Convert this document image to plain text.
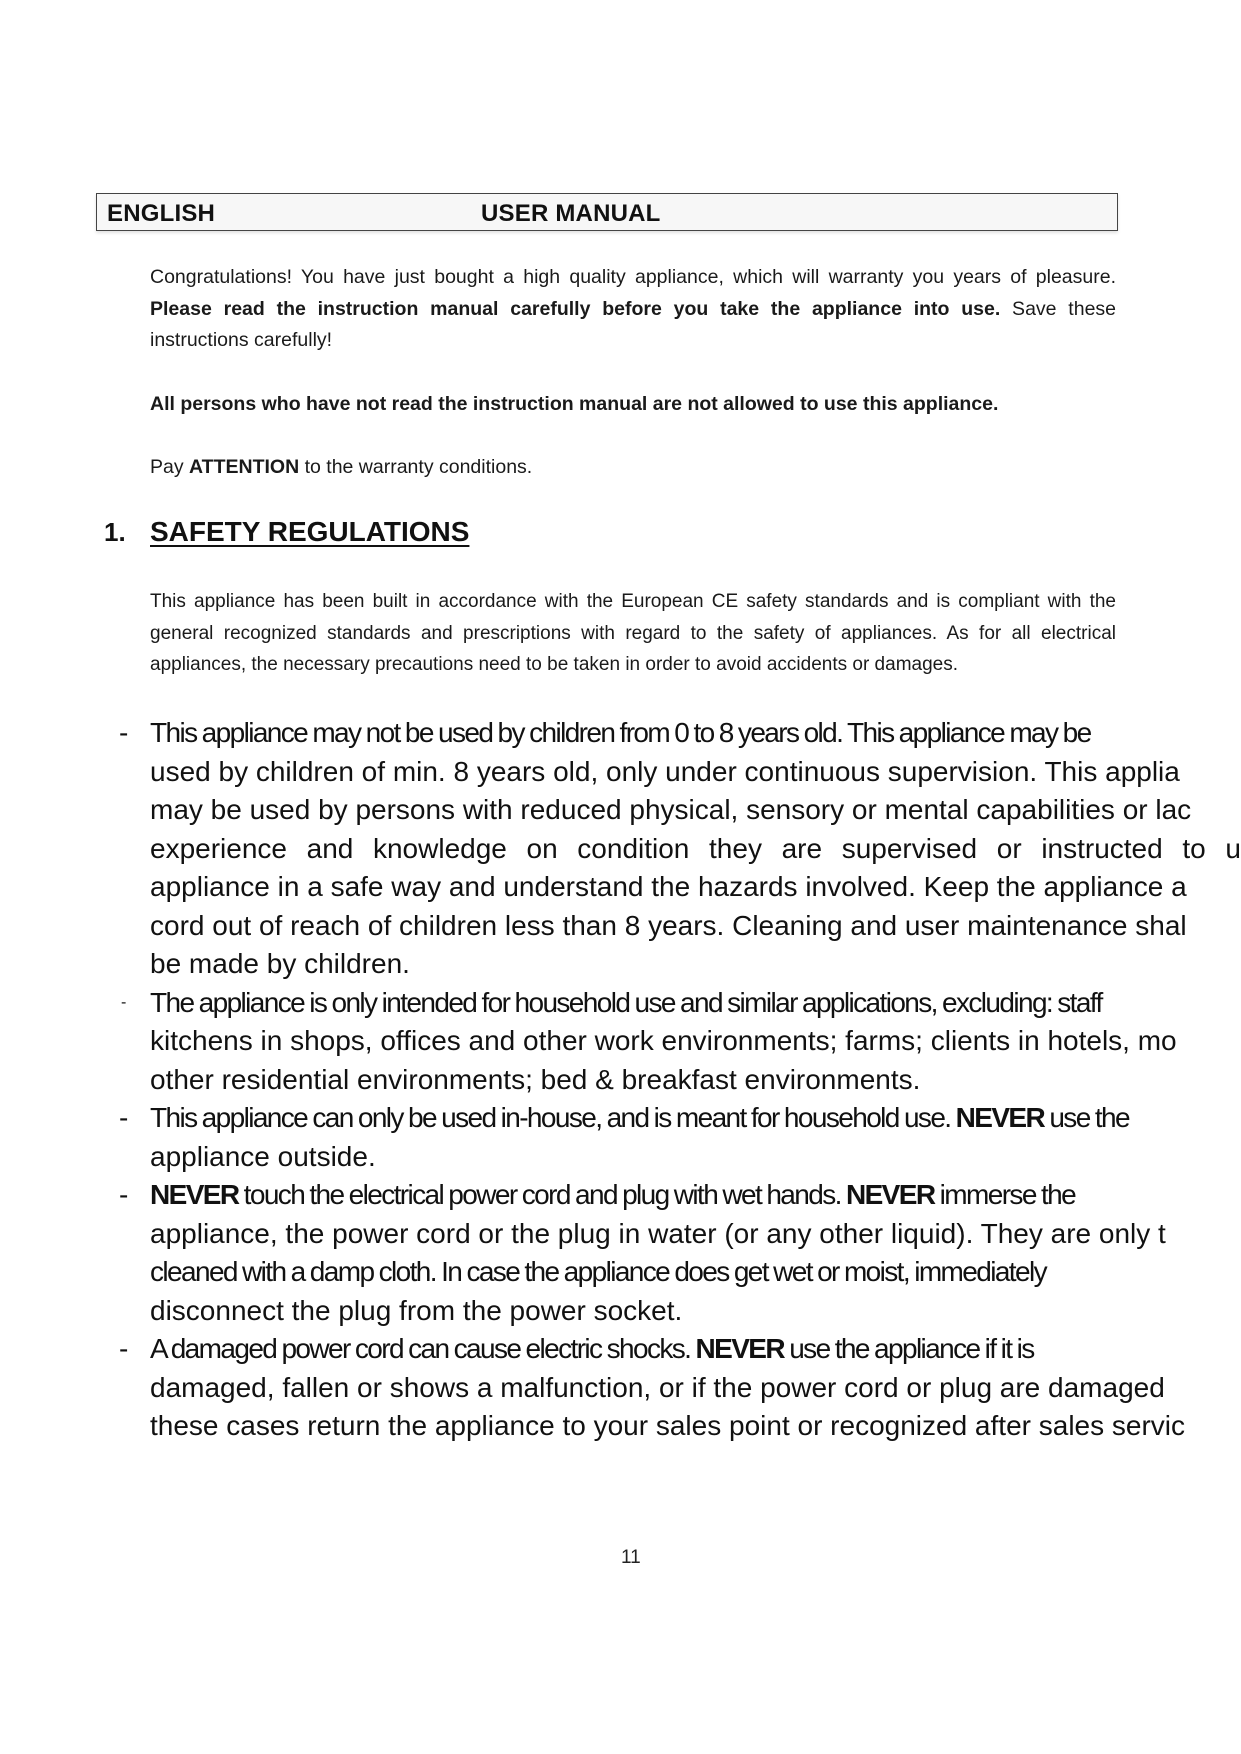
ENGLISH	USER MANUAL
Congratulations! You have just bought a high quality appliance, which will warranty you years of pleasure. Please read the instruction manual carefully before you take the appliance into use. Save these instructions carefully!
All persons who have not read the instruction manual are not allowed to use this appliance.
Pay ATTENTION to the warranty conditions.
1. SAFETY REGULATIONS
This appliance has been built in accordance with the European CE safety standards and is compliant with the general recognized standards and prescriptions with regard to the safety of appliances. As for all electrical appliances, the necessary precautions need to be taken in order to avoid accidents or damages.
- This appliance may not be used by children from 0 to 8 years old. This appliance may be
used by children of min. 8 years old, only under continuous supervision. This applia
may be used by persons with reduced physical, sensory or mental capabilities or lac
experience and knowledge on condition they are supervised or instructed to u
appliance in a safe way and understand the hazards involved. Keep the appliance a
cord out of reach of children less than 8 years. Cleaning and user maintenance shal
be made by children.
- The appliance is only intended for household use and similar applications, excluding: staff
kitchens in shops, offices and other work environments; farms; clients in hotels, mo
other residential environments; bed & breakfast environments.
- This appliance can only be used in-house, and is meant for household use. NEVER use the
appliance outside.
- NEVER touch the electrical power cord and plug with wet hands. NEVER immerse the
appliance, the power cord or the plug in water (or any other liquid). They are only t
cleaned with a damp cloth. In case the appliance does get wet or moist, immediately
disconnect the plug from the power socket.
- A damaged power cord can cause electric shocks. NEVER use the appliance if it is
damaged, fallen or shows a malfunction, or if the power cord or plug are damaged
these cases return the appliance to your sales point or recognized after sales servic
11
